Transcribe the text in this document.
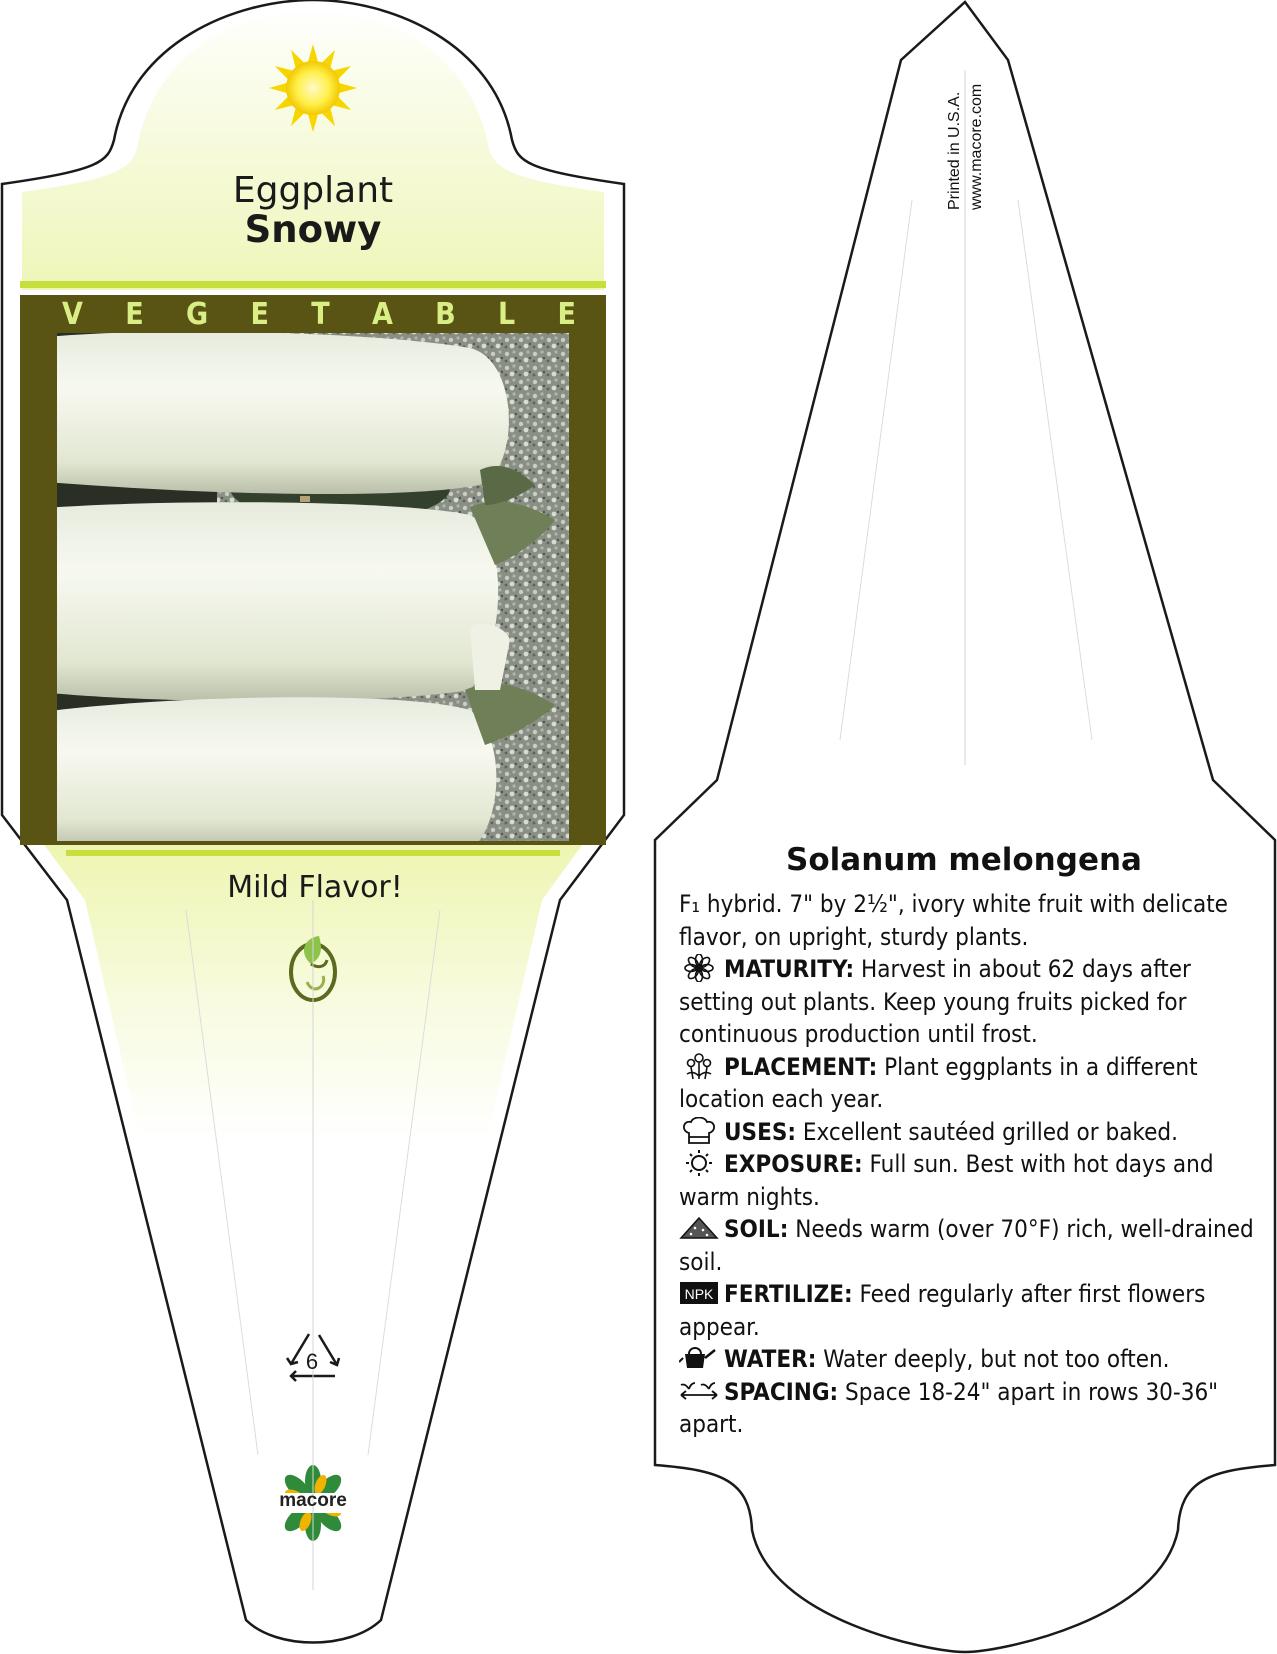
Eggplant
Snowy
V E G E T A B L E
Mild Flavor!
6
macore
Printed in U.S.A. www.macore.com
Solanum melongena

F₁ hybrid. 7" by 2½", ivory white fruit with delicate flavor, on upright, sturdy plants.

MATURITY: Harvest in about 62 days after setting out plants. Keep young fruits picked for continuous production until frost.

PLACEMENT: Plant eggplants in a different location each year.

USES: Excellent sautéed grilled or baked.

EXPOSURE: Full sun. Best with hot days and warm nights.

SOIL: Needs warm (over 70°F) rich, well-drained soil.

NPK FERTILIZE: Feed regularly after first flowers appear.

WATER: Water deeply, but not too often.

SPACING: Space 18-24" apart in rows 30-36" apart.
